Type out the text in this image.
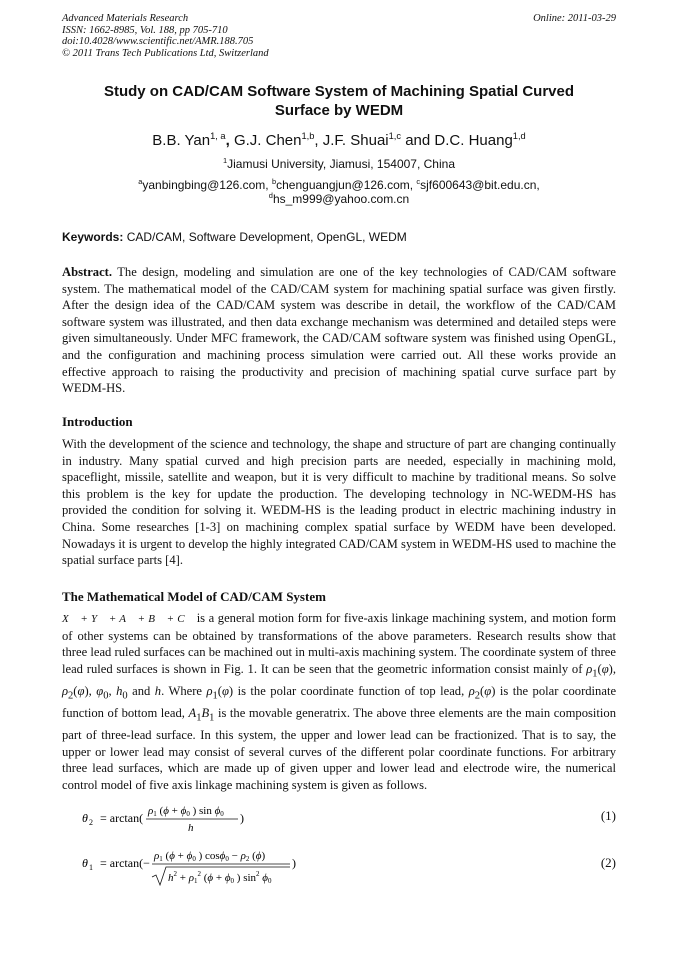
Advanced Materials Research
ISSN: 1662-8985, Vol. 188, pp 705-710
doi:10.4028/www.scientific.net/AMR.188.705
© 2011 Trans Tech Publications Ltd, Switzerland
Online: 2011-03-29
Study on CAD/CAM Software System of Machining Spatial Curved
Surface by WEDM
B.B. Yan$^{1, a}$, G.J. Chen$^{1,b}$, J.F. Shuai$^{1,c}$ and D.C. Huang$^{1,d}$
$^1$Jiamusi University, Jiamusi, 154007, China
$^a$yanbingbing@126.com, $^b$chenguangjun@126.com, $^c$sjf600643@bit.edu.cn,
$^d$hs_m999@yahoo.com.cn
Keywords: CAD/CAM, Software Development, OpenGL, WEDM
Abstract. The design, modeling and simulation are one of the key technologies of CAD/CAM software system. The mathematical model of the CAD/CAM system for machining spatial surface was given firstly. After the design idea of the CAD/CAM system was describe in detail, the workflow of the CAD/CAM software system was illustrated, and then data exchange mechanism was determined and detailed steps were given simultaneously. Under MFC framework, the CAD/CAM software system was finished using OpenGL, and the configuration and machining process simulation were carried out. All these works provide an effective approach to raising the productivity and precision of machining spatial curve surface part by WEDM-HS.
Introduction
With the development of the science and technology, the shape and structure of part are changing continually in industry. Many spatial curved and high precision parts are needed, especially in machining mold, spaceflight, missile, satellite and weapon, but it is very difficult to machine by traditional means. So solve this problem is the key for update the production. The developing technology in NC-WEDM-HS has provided the condition for solving it. WEDM-HS is the leading product in electric machining industry in China. Some researches [1-3] on machining complex spatial surface by WEDM have been developed. Nowadays it is urgent to develop the highly integrated CAD/CAM system in WEDM-HS used to machine the spatial surface parts [4].
The Mathematical Model of CAD/CAM System
X⃗ + Y⃗ + A⃗ + B⃗ + C⃗ is a general motion form for five-axis linkage machining system, and motion form of other systems can be obtained by transformations of the above parameters. Research results show that three lead ruled surfaces can be machined out in multi-axis machining system. The coordinate system of three lead ruled surfaces is shown in Fig. 1. It can be seen that the geometric information consist mainly of $\rho_1(\varphi)$, $\rho_2(\varphi)$, $\varphi_0$, $h_0$ and h. Where $\rho_1(\varphi)$ is the polar coordinate function of top lead, $\rho_2(\varphi)$ is the polar coordinate function of bottom lead, $A_1B_1$ is the movable generatrix. The above three elements are the main composition part of three-lead surface. In this system, the upper and lower lead can be fractionized. That is to say, the upper or lower lead may consist of several curves of the different polar coordinate functions. For arbitrary three lead surfaces, which are made up of given upper and lower lead and electrode wire, the numerical control model of five axis linkage machining system is given as follows.
θ 2 = arctan( ρ1 (ϕ + ϕ0 ) sin ϕ0
h
)	(1)
θ 1 = arctan(− ρ1 (ϕ + ϕ0 ) cosϕ0 − ρ2 (ϕ)
$h^2 + \rho 1^2$ (ϕ + ϕ0 ) $\sin^2 \phi 0$
)	(2)
